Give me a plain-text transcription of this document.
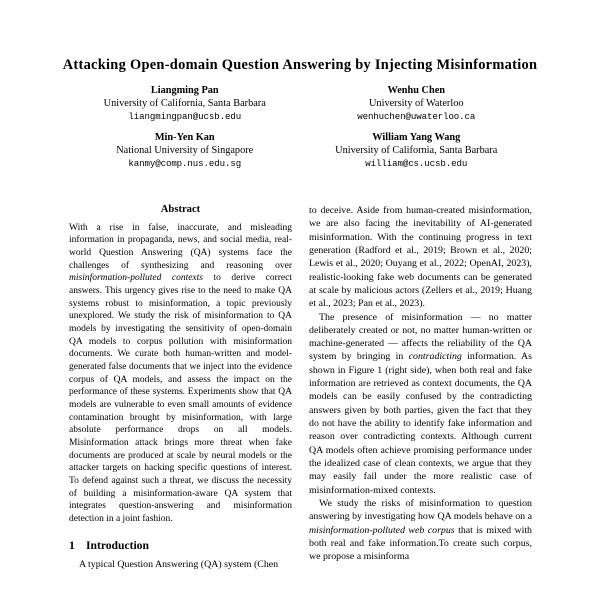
Attacking Open-domain Question Answering by Injecting Misinformation
Liangming Pan
University of California, Santa Barbara
liangmingpan@ucsb.edu
Wenhu Chen
University of Waterloo
wenhuchen@uwaterloo.ca
Min-Yen Kan
National University of Singapore
kanmy@comp.nus.edu.sg
William Yang Wang
University of California, Santa Barbara
william@cs.ucsb.edu
Abstract

With a rise in false, inaccurate, and misleading information in propaganda, news, and social media, real-world Question Answering (QA) systems face the challenges of synthesizing and reasoning over misinformation-polluted contexts to derive correct answers. This urgency gives rise to the need to make QA systems robust to misinformation, a topic previously unexplored. We study the risk of misinformation to QA models by investigating the sensitivity of open-domain QA models to corpus pollution with misinformation documents. We curate both human-written and model-generated false documents that we inject into the evidence corpus of QA models, and assess the impact on the performance of these systems. Experiments show that QA models are vulnerable to even small amounts of evidence contamination brought by misinformation, with large absolute performance drops on all models. Misinformation attack brings more threat when fake documents are produced at scale by neural models or the attacker targets on hacking specific questions of interest. To defend against such a threat, we discuss the necessity of building a misinformation-aware QA system that integrates question-answering and misinformation detection in a joint fashion.

1 Introduction

A typical Question Answering (QA) system (Chen

to deceive. Aside from human-created misinformation, we are also facing the inevitability of AI-generated misinformation. With the continuing progress in text generation (Radford et al., 2019; Brown et al., 2020; Lewis et al., 2020; Ouyang et al., 2022; OpenAI, 2023), realistic-looking fake web documents can be generated at scale by malicious actors (Zellers et al., 2019; Huang et al., 2023; Pan et al., 2023).

The presence of misinformation — no matter deliberately created or not, no matter human-written or machine-generated — affects the reliability of the QA system by bringing in contradicting information. As shown in Figure 1 (right side), when both real and fake information are retrieved as context documents, the QA models can be easily confused by the contradicting answers given by both parties, given the fact that they do not have the ability to identify fake information and reason over contradicting contexts. Although current QA models often achieve promising performance under the idealized case of clean contexts, we argue that they may easily fail under the more realistic case of misinformation-mixed contexts.

We study the risks of misinformation to question answering by investigating how QA models behave on a misinformation-polluted web corpus that is mixed with both real and fake information.To create such corpus, we propose a misinforma
